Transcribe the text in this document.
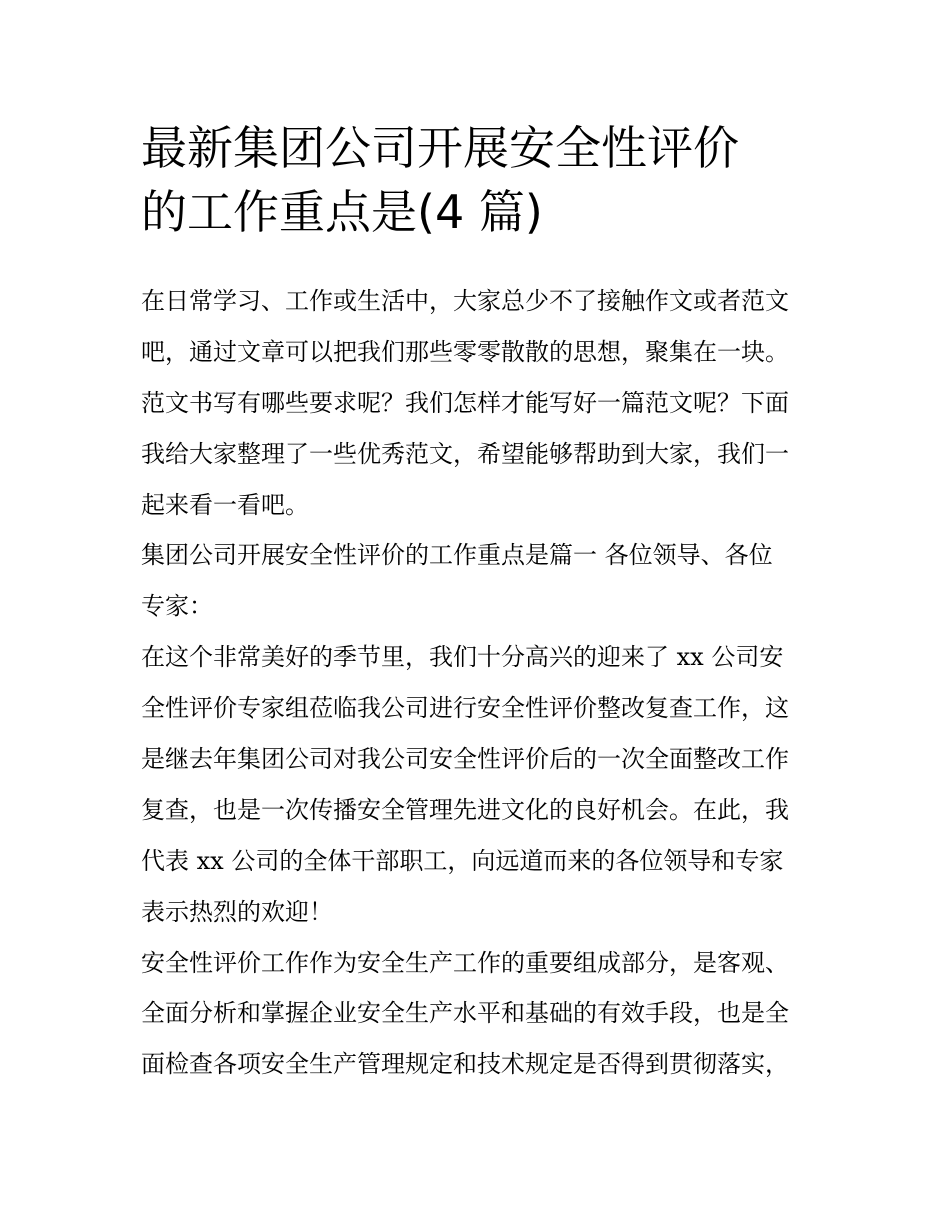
最新集团公司开展安全性评价
的工作重点是(4 篇)
在日常学习、工作或生活中，大家总少不了接触作文或者范文
吧，通过文章可以把我们那些零零散散的思想，聚集在一块。
范文书写有哪些要求呢？我们怎样才能写好一篇范文呢？下面
我给大家整理了一些优秀范文，希望能够帮助到大家，我们一
起来看一看吧。
集团公司开展安全性评价的工作重点是篇一 各位领导、各位
专家：
在这个非常美好的季节里，我们十分高兴的迎来了 xx 公司安
全性评价专家组莅临我公司进行安全性评价整改复查工作，这
是继去年集团公司对我公司安全性评价后的一次全面整改工作
复查，也是一次传播安全管理先进文化的良好机会。在此，我
代表 xx 公司的全体干部职工，向远道而来的各位领导和专家
表示热烈的欢迎！
安全性评价工作作为安全生产工作的重要组成部分，是客观、
全面分析和掌握企业安全生产水平和基础的有效手段，也是全
面检查各项安全生产管理规定和技术规定是否得到贯彻落实，
